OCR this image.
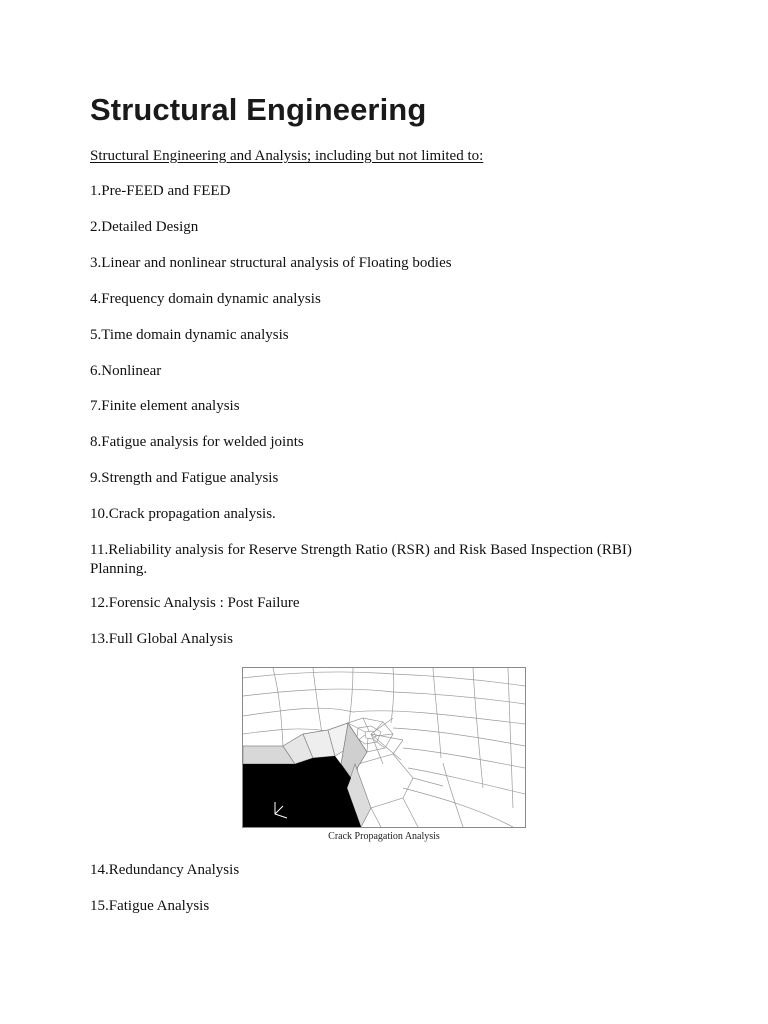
Structural Engineering
Structural Engineering and Analysis; including but not limited to:
1.Pre-FEED and FEED
2.Detailed Design
3.Linear and nonlinear structural analysis of Floating bodies
4.Frequency domain dynamic analysis
5.Time domain dynamic analysis
6.Nonlinear
7.Finite element analysis
8.Fatigue analysis for welded joints
9.Strength and Fatigue analysis
10.Crack propagation analysis.
11.Reliability analysis for Reserve Strength Ratio (RSR) and Risk Based Inspection (RBI) Planning.
12.Forensic Analysis : Post Failure
13.Full Global Analysis
Crack Propagation Analysis
14.Redundancy Analysis
15.Fatigue Analysis
